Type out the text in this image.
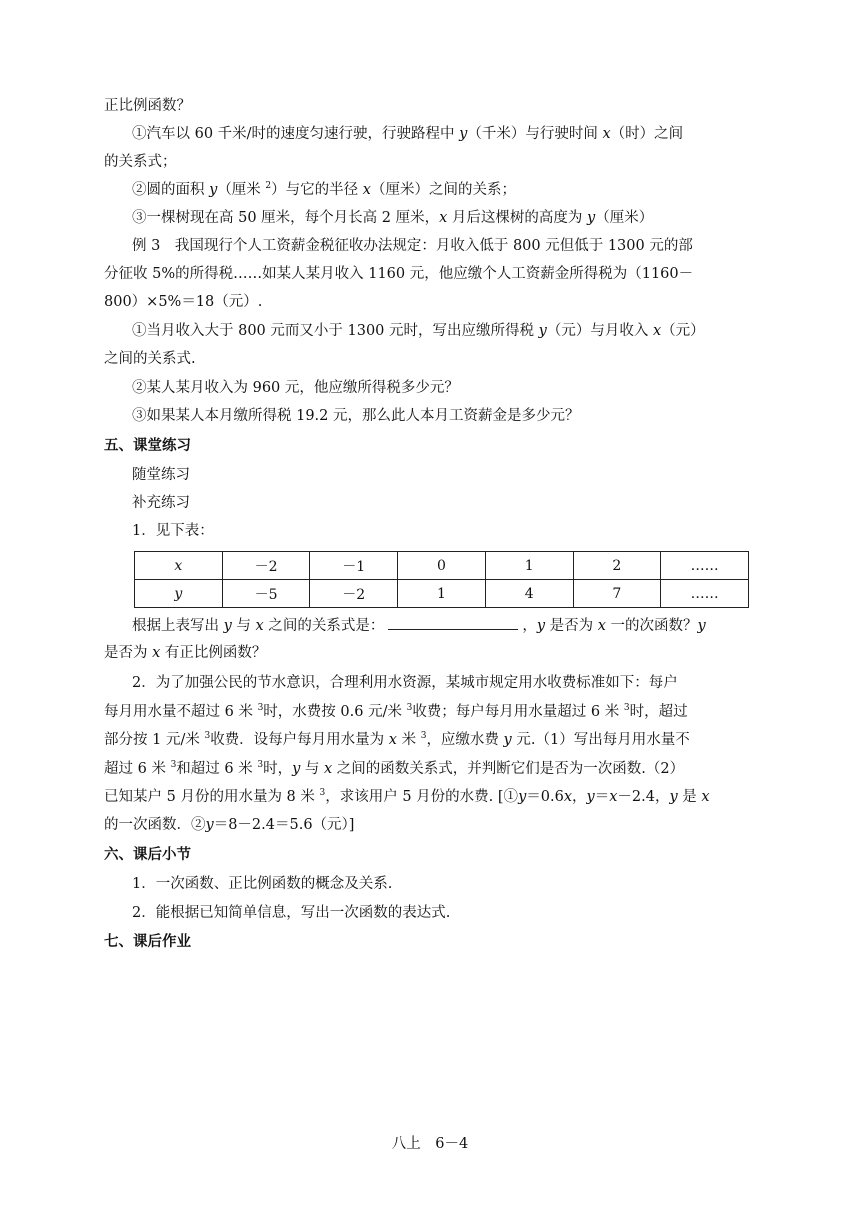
正比例函数？
①汽车以 60 千米/时的速度匀速行驶，行驶路程中 y（千米）与行驶时间 x（时）之间
的关系式；
②圆的面积 y（厘米 $^2$）与它的半径 x（厘米）之间的关系；
③一棵树现在高 50 厘米，每个月长高 2 厘米，x 月后这棵树的高度为 y（厘米）
例 3　我国现行个人工资薪金税征收办法规定：月收入低于 800 元但低于 1300 元的部
分征收 5%的所得税……如某人某月收入 1160 元，他应缴个人工资薪金所得税为（1160－
800）×5%＝18（元）.
①当月收入大于 800 元而又小于 1300 元时，写出应缴所得税 y（元）与月收入 x（元）
之间的关系式.
②某人某月收入为 960 元，他应缴所得税多少元？
③如果某人本月缴所得税 19.2 元，那么此人本月工资薪金是多少元？
五、课堂练习
随堂练习
补充练习
1．见下表：
x	－2	－1	0	1	2	……
y	－5	－2	1	4	7	……
根据上表写出 y 与 x 之间的关系式是：	，y 是否为 x 一的次函数？y
是否为 x 有正比例函数？
2．为了加强公民的节水意识，合理利用水资源，某城市规定用水收费标准如下：每户
每月用水量不超过 6 米 $^3$时，水费按 0.6 元/米 $^3$收费；每户每月用水量超过 6 米 $^3$时，超过
部分按 1 元/米 $^3$收费．设每户每月用水量为 x 米 $^3$，应缴水费 y 元.（1）写出每月用水量不
超过 6 米 $^3$和超过 6 米 $^3$时，y 与 x 之间的函数关系式，并判断它们是否为一次函数.（2）
已知某户 5 月份的用水量为 8 米 $^3$，求该用户 5 月份的水费. [①y＝0.6x，y＝x－2.4，y 是 x
的一次函数．②y＝8－2.4＝5.6（元）]
六、课后小节
1．一次函数、正比例函数的概念及关系.
2．能根据已知简单信息，写出一次函数的表达式.
七、课后作业
八上　6－4
